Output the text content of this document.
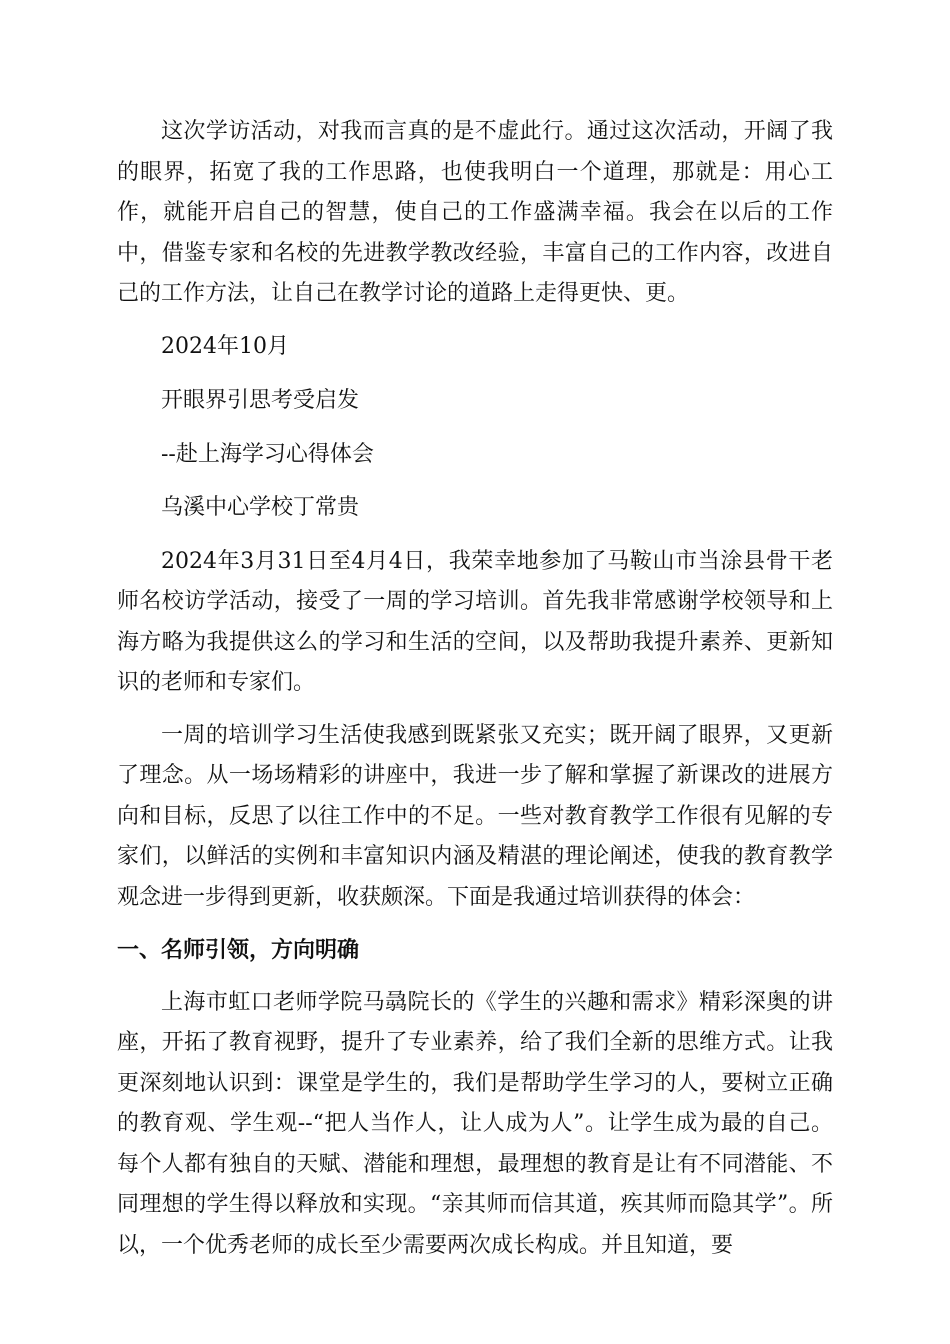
这次学访活动，对我而言真的是不虚此行。通过这次活动，开阔了我的眼界，拓宽了我的工作思路，也使我明白一个道理，那就是：用心工作，就能开启自己的智慧，使自己的工作盛满幸福。我会在以后的工作中，借鉴专家和名校的先进教学教改经验，丰富自己的工作内容，改进自己的工作方法，让自己在教学讨论的道路上走得更快、更。

2024年10月

开眼界引思考受启发

--赴上海学习心得体会

乌溪中心学校丁常贵

2024年3月31日至4月4日，我荣幸地参加了马鞍山市当涂县骨干老师名校访学活动，接受了一周的学习培训。首先我非常感谢学校领导和上海方略为我提供这么的学习和生活的空间，以及帮助我提升素养、更新知识的老师和专家们。

一周的培训学习生活使我感到既紧张又充实；既开阔了眼界，又更新了理念。从一场场精彩的讲座中，我进一步了解和掌握了新课改的进展方向和目标，反思了以往工作中的不足。一些对教育教学工作很有见解的专家们，以鲜活的实例和丰富知识内涵及精湛的理论阐述，使我的教育教学观念进一步得到更新，收获颇深。下面是我通过培训获得的体会：

一、名师引领，方向明确

上海市虹口老师学院马骉院长的《学生的兴趣和需求》精彩深奥的讲座，开拓了教育视野，提升了专业素养，给了我们全新的思维方式。让我更深刻地认识到：课堂是学生的，我们是帮助学生学习的人，要树立正确的教育观、学生观--“把人当作人，让人成为人”。让学生成为最的自己。每个人都有独自的天赋、潜能和理想，最理想的教育是让有不同潜能、不同理想的学生得以释放和实现。“亲其师而信其道，疾其师而隐其学”。所以，一个优秀老师的成长至少需要两次成长构成。并且知道，要
